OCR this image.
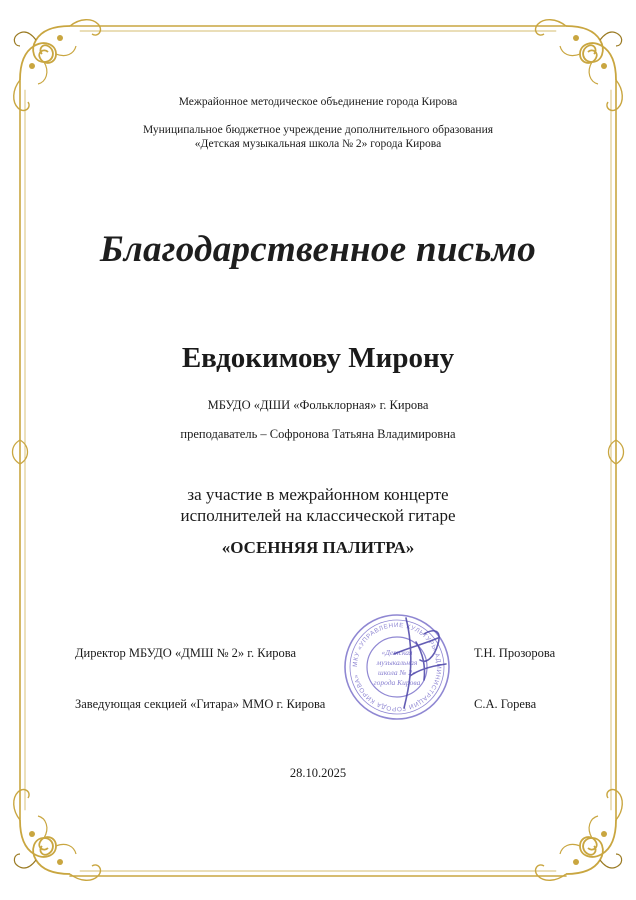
Межрайонное методическое объединение города Кирова
Муниципальное бюджетное учреждение дополнительного образования
«Детская музыкальная школа № 2» города Кирова
Благодарственное письмо
Евдокимову Мирону
МБУДО «ДШИ «Фольклорная» г. Кирова
преподаватель – Софронова Татьяна Владимировна
за участие в межрайонном концерте
исполнителей на классической гитаре
«ОСЕННЯЯ ПАЛИТРА»
Директор МБУДО «ДМШ № 2» г. Кирова	Т.Н. Прозорова
Заведующая секцией «Гитара» ММО г. Кирова	С.А. Горева
МКУ «УПРАВЛЕНИЕ КУЛЬТУРЫ АДМИНИСТРАЦИИ ГОРОДА КИРОВА»
«Детская
музыкальная
школа № 2»
города Кирова
28.10.2025
